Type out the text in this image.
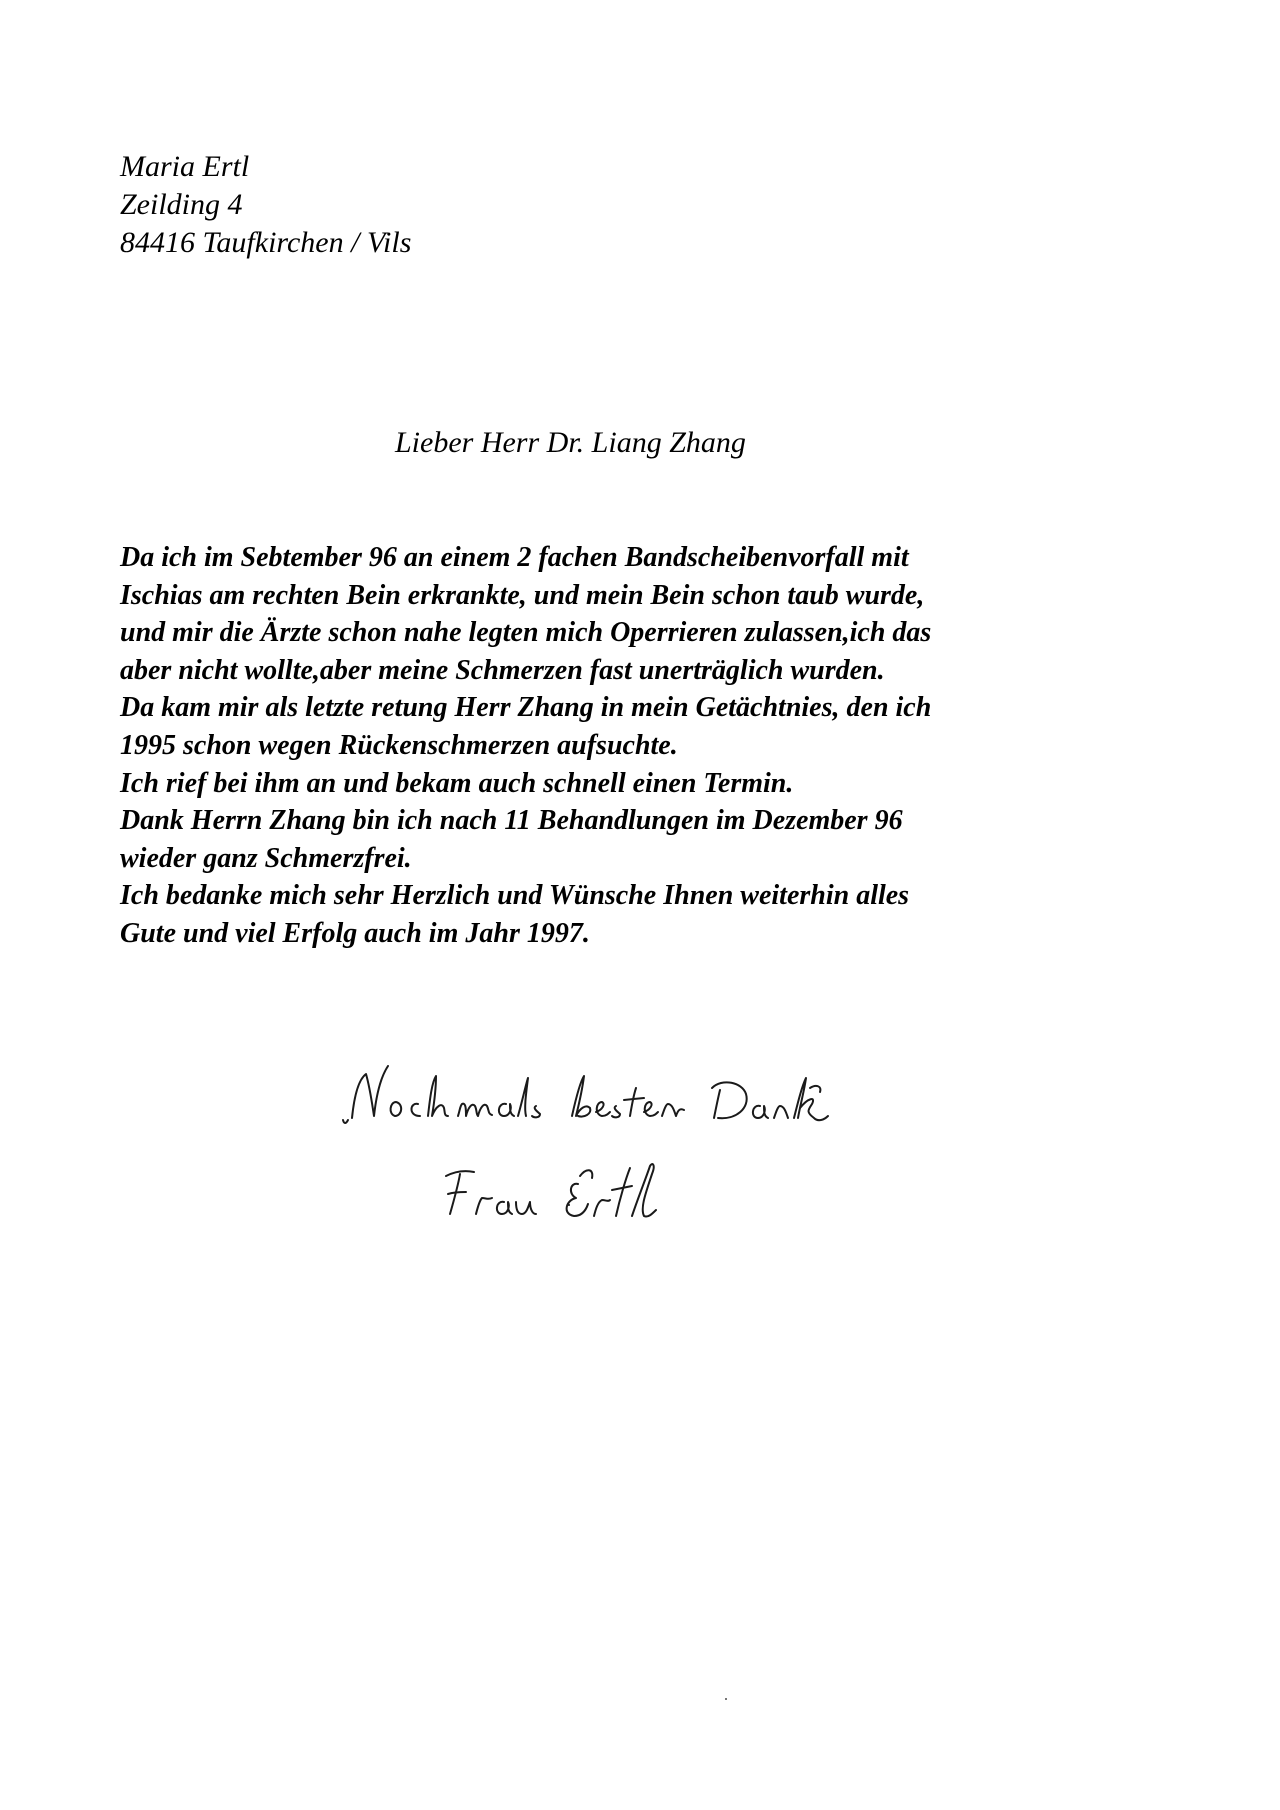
Maria Ertl
Zeilding 4
84416 Taufkirchen / Vils
Lieber Herr Dr. Liang Zhang
Da ich im Sebtember 96 an einem 2 fachen Bandscheibenvorfall mit
Ischias am rechten Bein erkrankte, und mein Bein schon taub wurde,
und mir die Ärzte schon nahe legten mich Operrieren zulassen,ich das
aber nicht wollte,aber meine Schmerzen fast unerträglich wurden.
Da kam mir als letzte retung Herr Zhang in mein Getächtnies, den ich
1995 schon wegen Rückenschmerzen aufsuchte.
Ich rief bei ihm an und bekam auch schnell einen Termin.
Dank Herrn Zhang bin ich nach 11 Behandlungen im Dezember 96
wieder ganz Schmerzfrei.
Ich bedanke mich sehr Herzlich und Wünsche Ihnen weiterhin alles
Gute und viel Erfolg auch im Jahr 1997.
